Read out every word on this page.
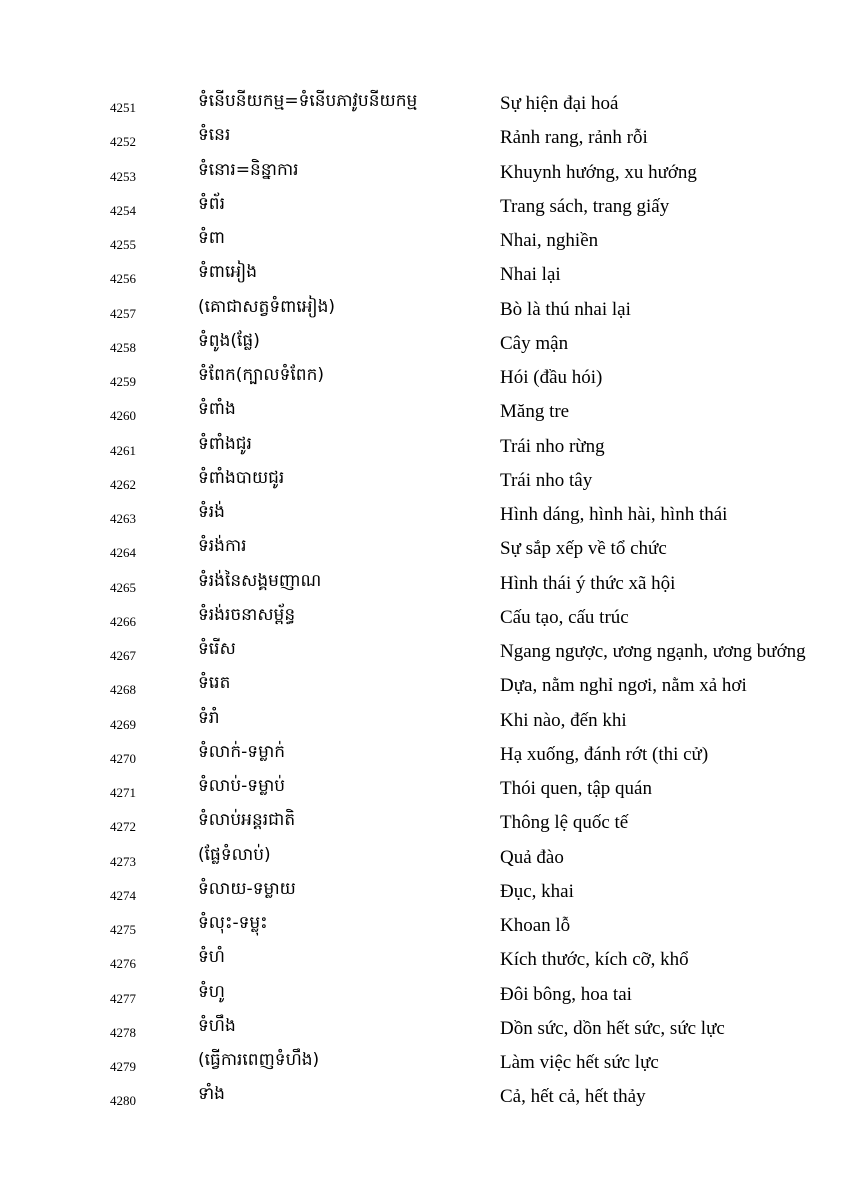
4251	ទំនើបនីយកម្ម=ទំនើបភាវូបនីយកម្ម	Sự hiện đại hoá
4252	ទំនេរ	Rảnh rang, rảnh rỗi
4253	ទំនោរ=និន្នាការ	Khuynh hướng, xu hướng
4254	ទំព័រ	Trang sách, trang giấy
4255	ទំពា	Nhai, nghiền
4256	ទំពាអៀង	Nhai lại
4257	(គោជាសត្វទំពាអៀង)	Bò là thú nhai lại
4258	ទំពូង(ផ្លែ)	Cây mận
4259	ទំពែក(ក្បាលទំពែក)	Hói (đầu hói)
4260	ទំពាំង	Măng tre
4261	ទំពាំងជូរ	Trái nho rừng
4262	ទំពាំងបាយជូរ	Trái nho tây
4263	ទំរង់	Hình dáng, hình hài, hình thái
4264	ទំរង់ការ	Sự sắp xếp về tổ chức
4265	ទំរង់នៃសង្គមញាណ	Hình thái ý thức xã hội
4266	ទំរង់រចនាសម្ព័ន្ធ	Cấu tạo, cấu trúc
4267	ទំរើស	Ngang ngược, ương ngạnh, ương bướng
4268	ទំរេត	Dựa, nằm nghỉ ngơi, nằm xả hơi
4269	ទំរាំ	Khi nào, đến khi
4270	ទំលាក់-ទម្លាក់	Hạ xuống, đánh rớt (thi cử)
4271	ទំលាប់-ទម្លាប់	Thói quen, tập quán
4272	ទំលាប់អន្តរជាតិ	Thông lệ quốc tế
4273	(ផ្លែទំលាប់)	Quả đào
4274	ទំលាយ-ទម្លាយ	Đục, khai
4275	ទំលុះ-ទម្លុះ	Khoan lỗ
4276	ទំហំ	Kích thước, kích cỡ, khổ
4277	ទំហូ	Đôi bông, hoa tai
4278	ទំហឹង	Dồn sức, dồn hết sức, sức lực
4279	(ធ្វើការពេញទំហឹង)	Làm việc hết sức lực
4280	ទាំង	Cả, hết cả, hết thảy
